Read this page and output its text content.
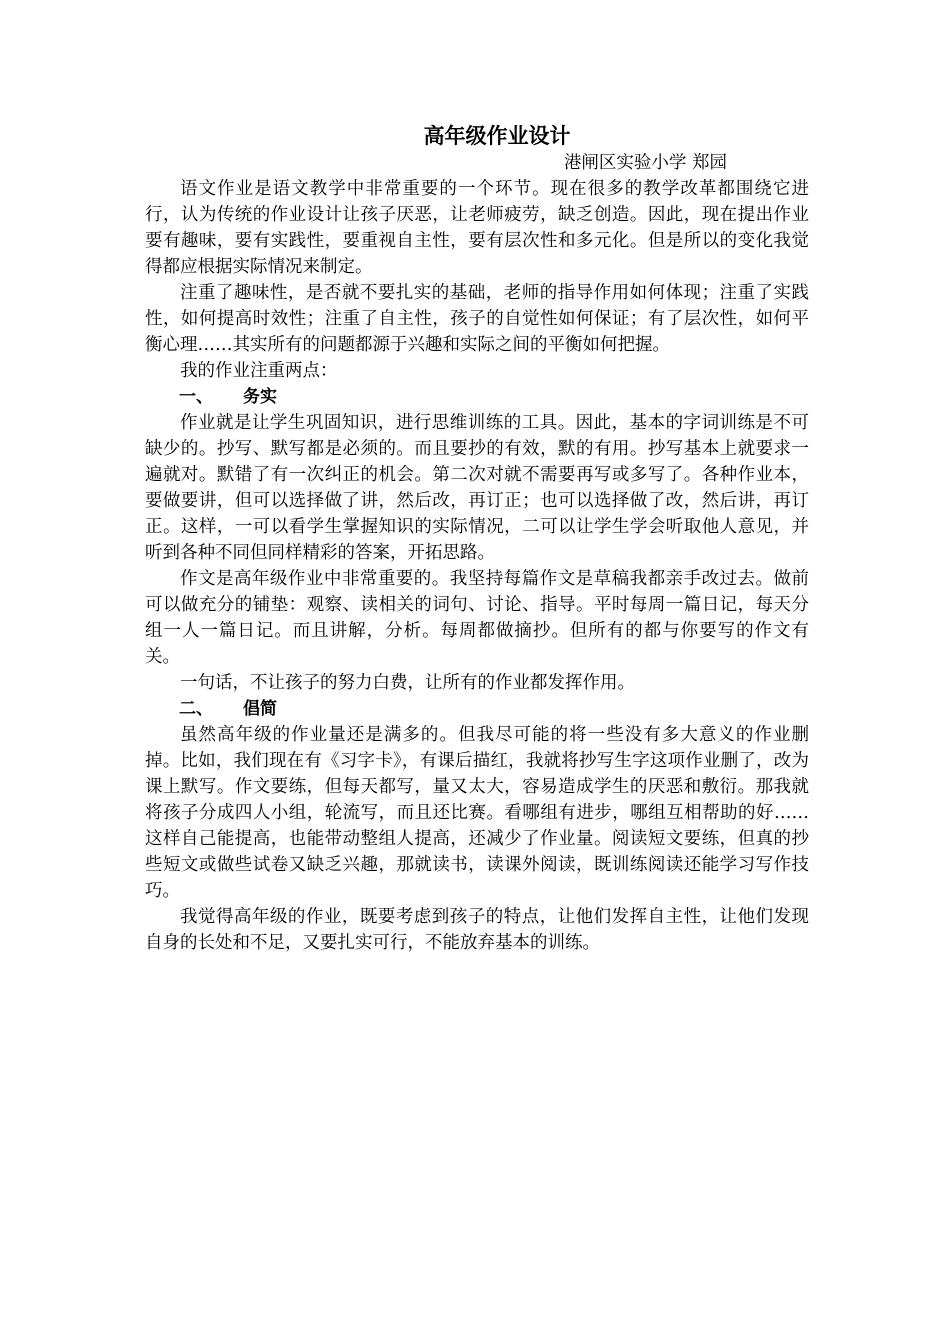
高年级作业设计

港闸区实验小学 郑园

语文作业是语文教学中非常重要的一个环节。现在很多的教学改革都围绕它进行，认为传统的作业设计让孩子厌恶，让老师疲劳，缺乏创造。因此，现在提出作业要有趣味，要有实践性，要重视自主性，要有层次性和多元化。但是所以的变化我觉得都应根据实际情况来制定。

注重了趣味性，是否就不要扎实的基础，老师的指导作用如何体现；注重了实践性，如何提高时效性；注重了自主性，孩子的自觉性如何保证；有了层次性，如何平衡心理……其实所有的问题都源于兴趣和实际之间的平衡如何把握。

我的作业注重两点：

一、 务实

作业就是让学生巩固知识，进行思维训练的工具。因此，基本的字词训练是不可缺少的。抄写、默写都是必须的。而且要抄的有效，默的有用。抄写基本上就要求一遍就对。默错了有一次纠正的机会。第二次对就不需要再写或多写了。各种作业本，要做要讲，但可以选择做了讲，然后改，再订正；也可以选择做了改，然后讲，再订正。这样，一可以看学生掌握知识的实际情况，二可以让学生学会听取他人意见，并听到各种不同但同样精彩的答案，开拓思路。

作文是高年级作业中非常重要的。我坚持每篇作文是草稿我都亲手改过去。做前可以做充分的铺垫：观察、读相关的词句、讨论、指导。平时每周一篇日记，每天分组一人一篇日记。而且讲解，分析。每周都做摘抄。但所有的都与你要写的作文有关。

一句话，不让孩子的努力白费，让所有的作业都发挥作用。

二、 倡简

虽然高年级的作业量还是满多的。但我尽可能的将一些没有多大意义的作业删掉。比如，我们现在有《习字卡》，有课后描红，我就将抄写生字这项作业删了，改为课上默写。作文要练，但每天都写，量又太大，容易造成学生的厌恶和敷衍。那我就将孩子分成四人小组，轮流写，而且还比赛。看哪组有进步，哪组互相帮助的好……这样自己能提高，也能带动整组人提高，还减少了作业量。阅读短文要练，但真的抄些短文或做些试卷又缺乏兴趣，那就读书，读课外阅读，既训练阅读还能学习写作技巧。

我觉得高年级的作业，既要考虑到孩子的特点，让他们发挥自主性，让他们发现自身的长处和不足，又要扎实可行，不能放弃基本的训练。
